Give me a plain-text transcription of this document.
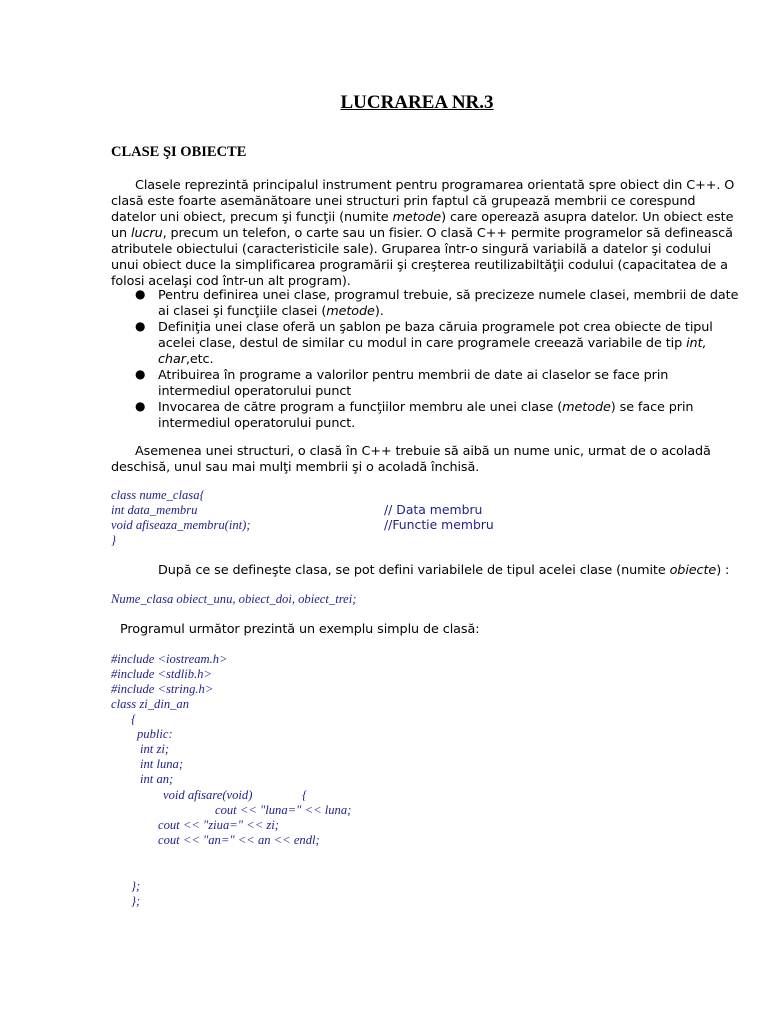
LUCRAREA NR.3
CLASE ŞI OBIECTE
Clasele reprezintă principalul instrument pentru programarea orientată spre obiect din C++. O
clasă este foarte asemănătoare unei structuri prin faptul că grupează membrii ce corespund
datelor uni obiect, precum şi funcţii (numite metode) care operează asupra datelor. Un obiect este
un lucru, precum un telefon, o carte sau un fisier. O clasă C++ permite programelor să definească
atributele obiectului (caracteristicile sale). Gruparea într-o singură variabilă a datelor şi codului
unui obiect duce la simplificarea programării şi creşterea reutilizabiltăţii codului (capacitatea de a
folosi acelaşi cod într-un alt program).
● Pentru definirea unei clase, programul trebuie, să precizeze numele clasei, membrii de date
ai clasei şi funcţiile clasei (metode).
● Definiţia unei clase oferă un şablon pe baza căruia programele pot crea obiecte de tipul
acelei clase, destul de similar cu modul in care programele creează variabile de tip int,
char,etc.
● Atribuirea în programe a valorilor pentru membrii de date ai claselor se face prin
intermediul operatorului punct
● Invocarea de către program a funcţiilor membru ale unei clase (metode) se face prin
intermediul operatorului punct.
Asemenea unei structuri, o clasă în C++ trebuie să aibă un nume unic, urmat de o acoladă
deschisă, unul sau mai mulţi membrii şi o acoladă închisă.
class nume_clasa{
int data_membru	// Data membru
void afiseaza_membru(int);	//Functie membru
}
După ce se defineşte clasa, se pot defini variabilele de tipul acelei clase (numite obiecte) :
Nume_clasa obiect_unu, obiect_doi, obiect_trei;
Programul următor prezintă un exemplu simplu de clasă:
#include <iostream.h>
#include <stdlib.h>
#include <string.h>
class zi_din_an
{
public:
int zi;
int luna;
int an;
void afisare(void)	{
cout << "luna=" << luna;
cout << "ziua=" << zi;
cout << "an=" << an << endl;
};
};
